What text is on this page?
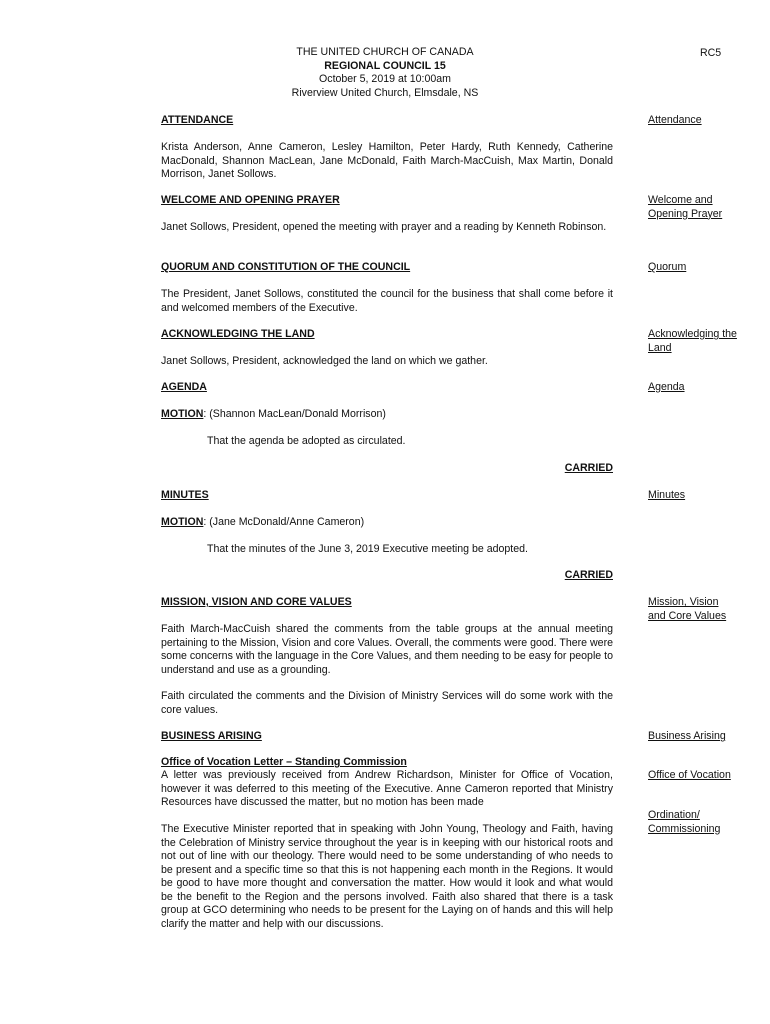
THE UNITED CHURCH OF CANADA
REGIONAL COUNCIL 15
October 5, 2019 at 10:00am
Riverview United Church, Elmsdale, NS
RC5
ATTENDANCE	Attendance

Krista Anderson, Anne Cameron, Lesley Hamilton, Peter Hardy, Ruth Kennedy, Catherine MacDonald, Shannon MacLean, Jane McDonald, Faith March-MacCuish, Max Martin, Donald Morrison, Janet Sollows.

WELCOME AND OPENING PRAYER	Welcome and Opening Prayer

Janet Sollows, President, opened the meeting with prayer and a reading by Kenneth Robinson.

QUORUM AND CONSTITUTION OF THE COUNCIL	Quorum

The President, Janet Sollows, constituted the council for the business that shall come before it and welcomed members of the Executive.

ACKNOWLEDGING THE LAND	Acknowledging the Land

Janet Sollows, President, acknowledged the land on which we gather.

AGENDA	Agenda
MOTION: (Shannon MacLean/Donald Morrison)
That the agenda be adopted as circulated.
CARRIED
MINUTES	Minutes
MOTION: (Jane McDonald/Anne Cameron)
That the minutes of the June 3, 2019 Executive meeting be adopted.
CARRIED
MISSION, VISION AND CORE VALUES	Mission, Vision and Core Values

Faith March-MacCuish shared the comments from the table groups at the annual meeting pertaining to the Mission, Vision and core Values. Overall, the comments were good. There were some concerns with the language in the Core Values, and them needing to be easy for people to understand and use as a grounding.

Faith circulated the comments and the Division of Ministry Services will do some work with the core values.

BUSINESS ARISING	Business Arising
Office of Vocation Letter – Standing Commission
Office of Vocation

A letter was previously received from Andrew Richardson, Minister for Office of Vocation, however it was deferred to this meeting of the Executive. Anne Cameron reported that Ministry Resources have discussed the matter, but no motion has been made

Ordination/ Commissioning

The Executive Minister reported that in speaking with John Young, Theology and Faith, having the Celebration of Ministry service throughout the year is in keeping with our historical roots and not out of line with our theology. There would need to be some understanding of who needs to be present and a specific time so that this is not happening each month in the Regions. It would be good to have more thought and conversation the matter. How would it look and what would be the benefit to the Region and the persons involved. Faith also shared that there is a task group at GCO determining who needs to be present for the Laying on of hands and this will help clarify the matter and help with our discussions.
